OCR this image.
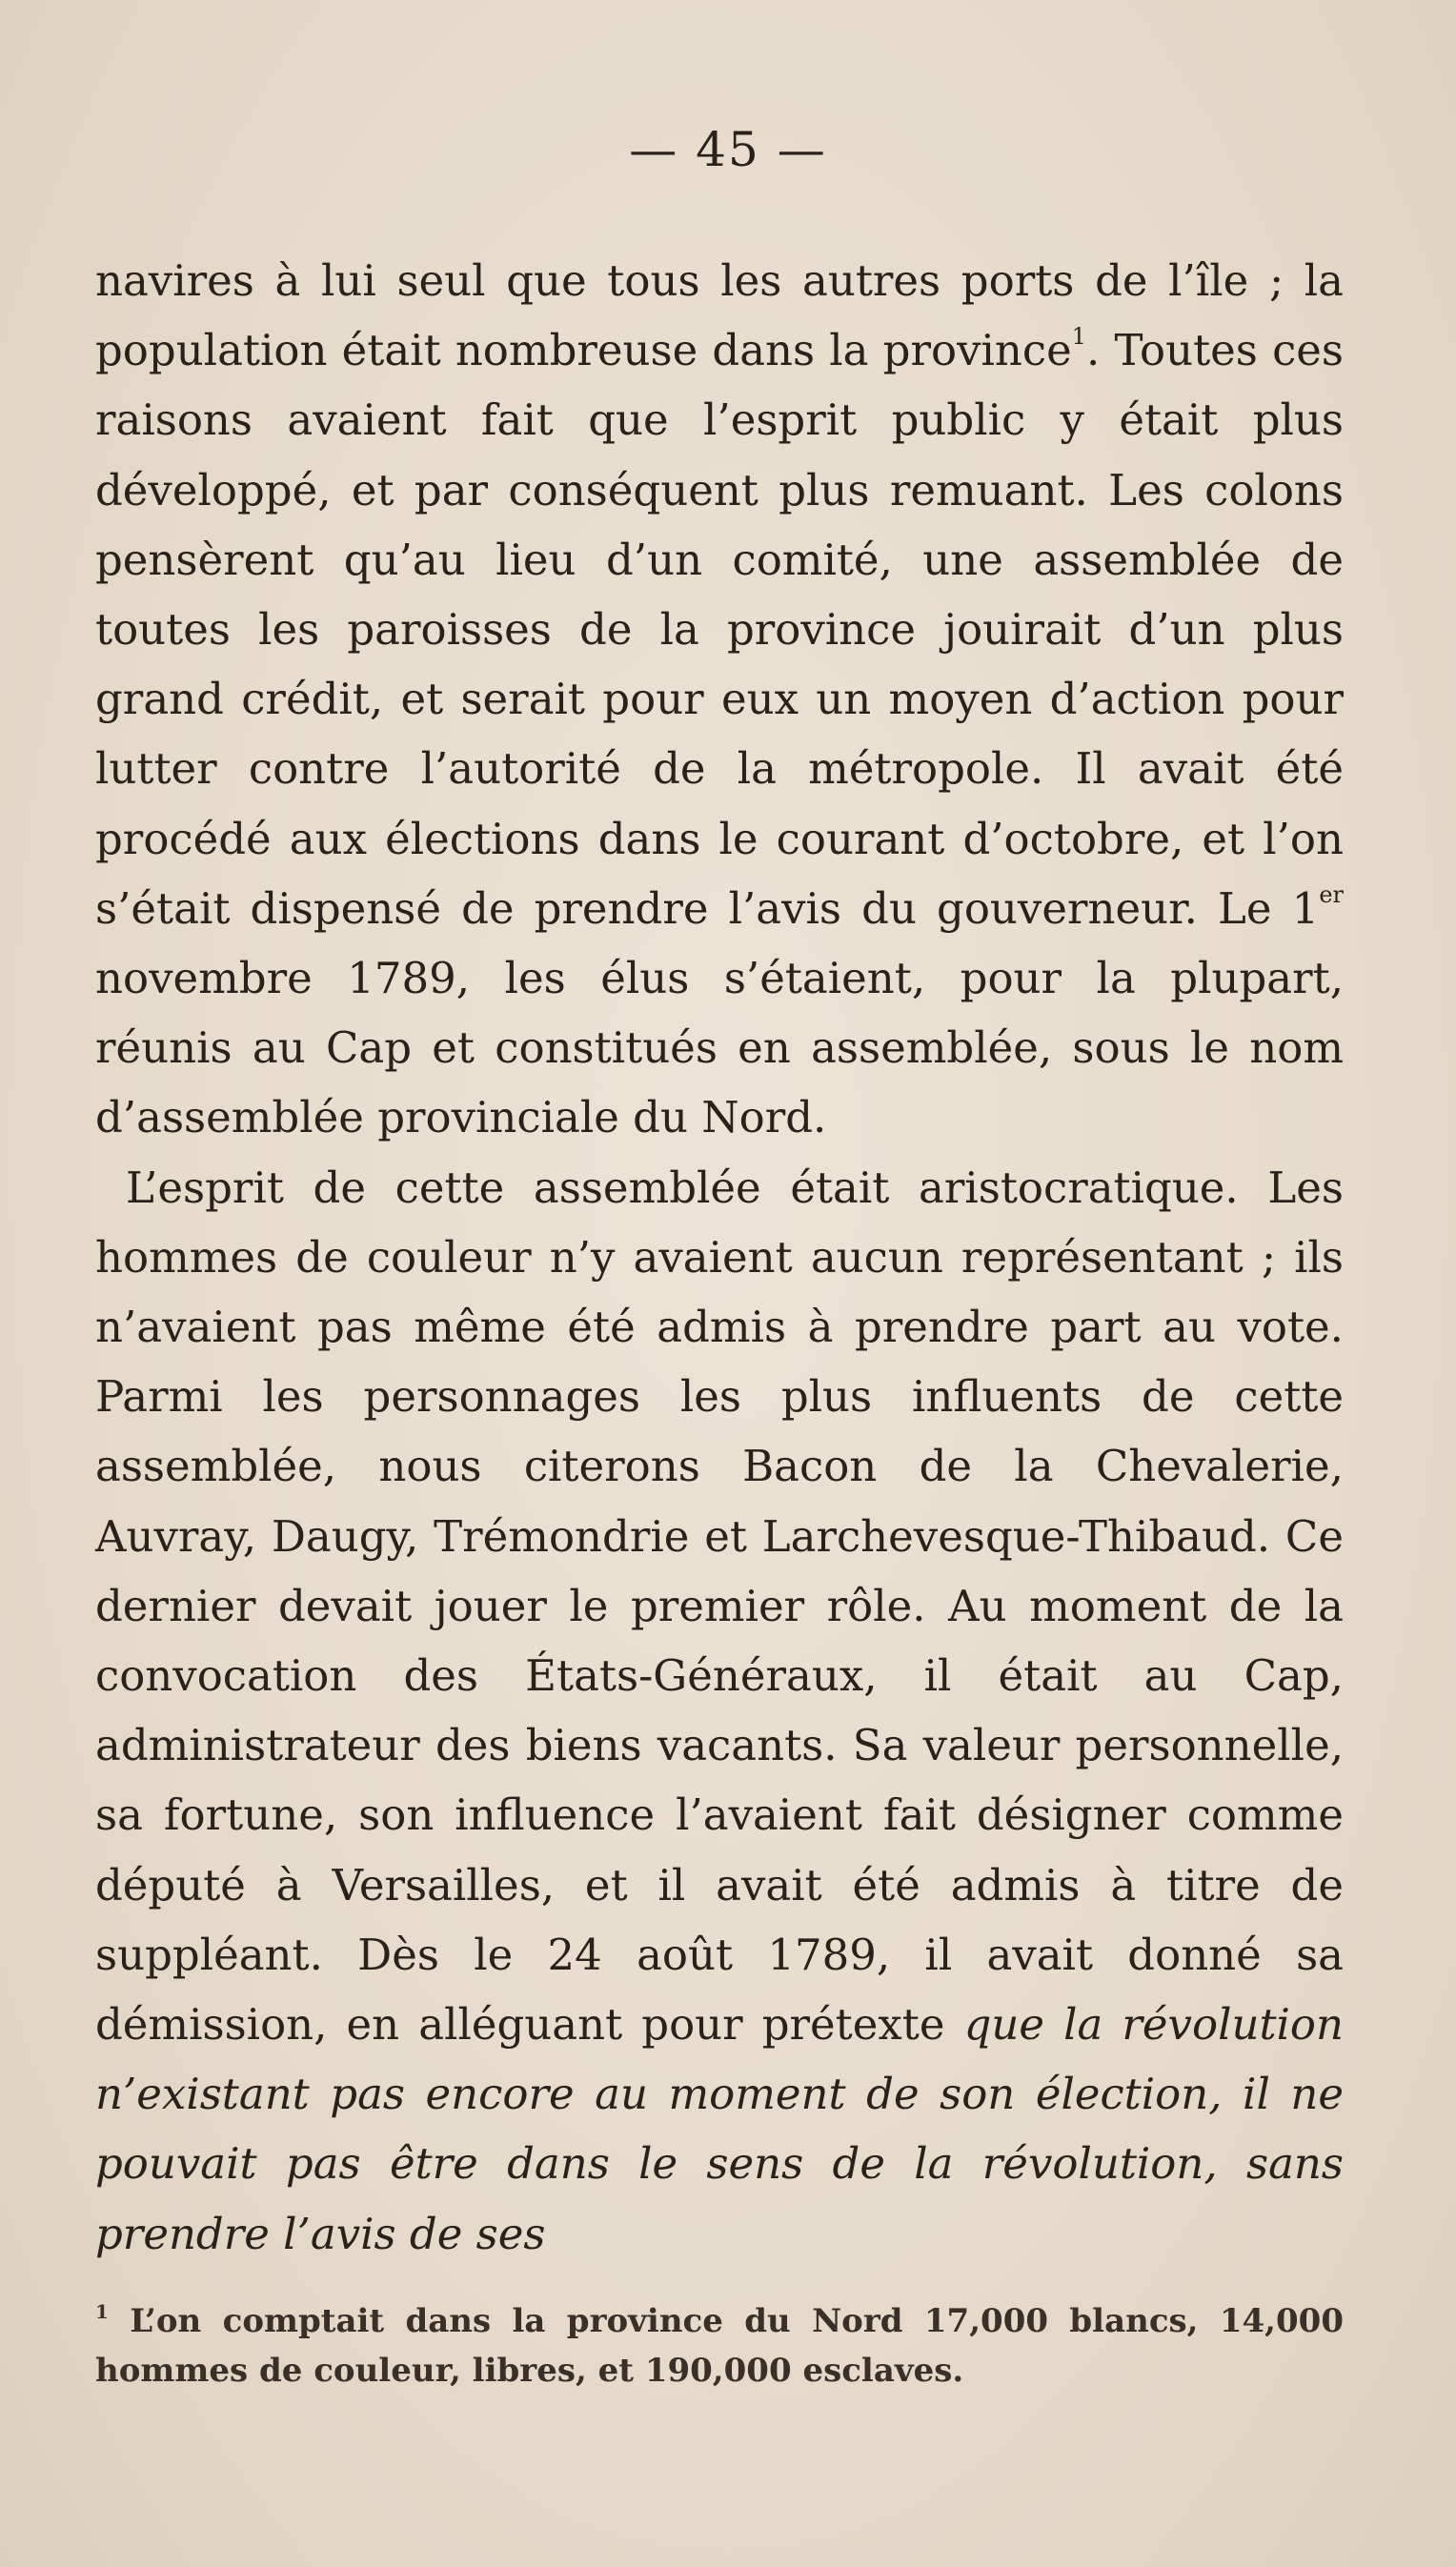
— 45 —

navires à lui seul que tous les autres ports de l’île ; la population était nombreuse dans la province$^1$. Toutes ces raisons avaient fait que l’esprit public y était plus développé, et par conséquent plus remuant. Les colons pensèrent qu’au lieu d’un comité, une assemblée de toutes les paroisses de la province jouirait d’un plus grand crédit, et serait pour eux un moyen d’action pour lutter contre l’autorité de la métropole. Il avait été procédé aux élections dans le courant d’octobre, et l’on s’était dispensé de prendre l’avis du gouverneur. Le 1er novembre 1789, les élus s’étaient, pour la plupart, réunis au Cap et constitués en assemblée, sous le nom d’assemblée provinciale du Nord.

L’esprit de cette assemblée était aristocratique. Les hommes de couleur n’y avaient aucun représentant ; ils n’avaient pas même été admis à prendre part au vote. Parmi les personnages les plus influents de cette assemblée, nous citerons Bacon de la Chevalerie, Auvray, Daugy, Trémondrie et Larchevesque-Thibaud. Ce dernier devait jouer le premier rôle. Au moment de la convocation des États-Généraux, il était au Cap, administrateur des biens vacants. Sa valeur personnelle, sa fortune, son influence l’avaient fait désigner comme député à Versailles, et il avait été admis à titre de suppléant. Dès le 24 août 1789, il avait donné sa démission, en alléguant pour prétexte que la révolution n’existant pas encore au moment de son élection, il ne pouvait pas être dans le sens de la révolution, sans prendre l’avis de ses

$^1$ L’on comptait dans la province du Nord 17,000 blancs, 14,000 hommes de couleur, libres, et 190,000 esclaves.
